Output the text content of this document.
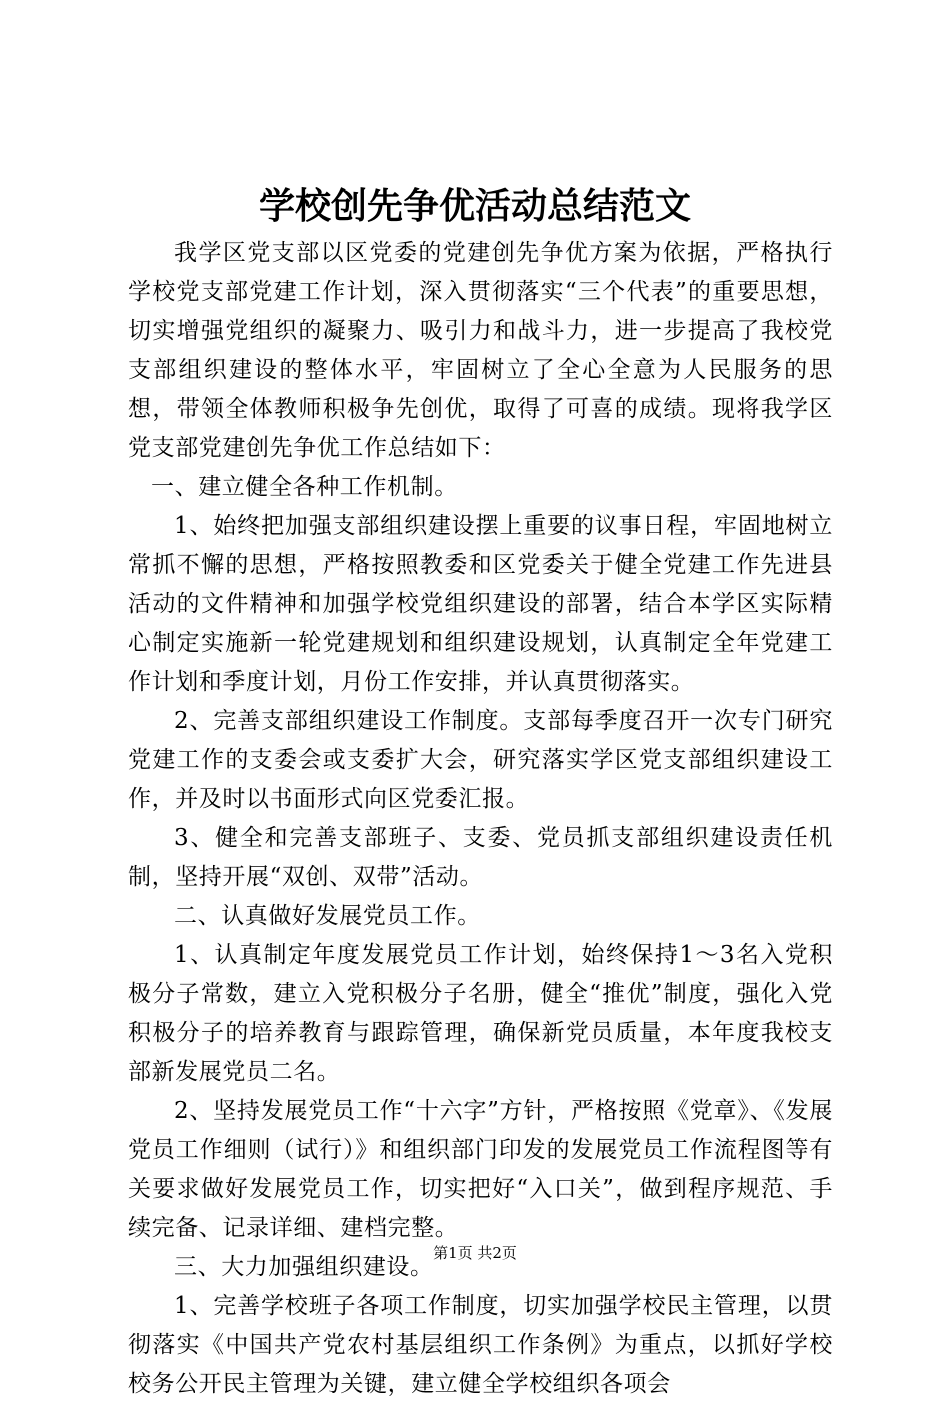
学校创先争优活动总结范文

我学区党支部以区党委的党建创先争优方案为依据，严格执行学校党支部党建工作计划，深入贯彻落实“三个代表”的重要思想，切实增强党组织的凝聚力、吸引力和战斗力，进一步提高了我校党支部组织建设的整体水平，牢固树立了全心全意为人民服务的思想，带领全体教师积极争先创优，取得了可喜的成绩。现将我学区党支部党建创先争优工作总结如下：

一、建立健全各种工作机制。

1、始终把加强支部组织建设摆上重要的议事日程，牢固地树立常抓不懈的思想，严格按照教委和区党委关于健全党建工作先进县活动的文件精神和加强学校党组织建设的部署，结合本学区实际精心制定实施新一轮党建规划和组织建设规划，认真制定全年党建工作计划和季度计划，月份工作安排，并认真贯彻落实。

2、完善支部组织建设工作制度。支部每季度召开一次专门研究党建工作的支委会或支委扩大会，研究落实学区党支部组织建设工作，并及时以书面形式向区党委汇报。

3、健全和完善支部班子、支委、党员抓支部组织建设责任机制，坚持开展“双创、双带”活动。

二、认真做好发展党员工作。

1、认真制定年度发展党员工作计划，始终保持1～3名入党积极分子常数，建立入党积极分子名册，健全“推优”制度，强化入党积极分子的培养教育与跟踪管理，确保新党员质量，本年度我校支部新发展党员二名。

2、坚持发展党员工作“十六字”方针，严格按照《党章》、《发展党员工作细则（试行）》和组织部门印发的发展党员工作流程图等有关要求做好发展党员工作，切实把好“入口关”，做到程序规范、手续完备、记录详细、建档完整。

三、大力加强组织建设。

1、完善学校班子各项工作制度，切实加强学校民主管理，以贯彻落实《中国共产党农村基层组织工作条例》为重点，以抓好学校校务公开民主管理为关键，建立健全学校组织各项会

第1页 共2页
